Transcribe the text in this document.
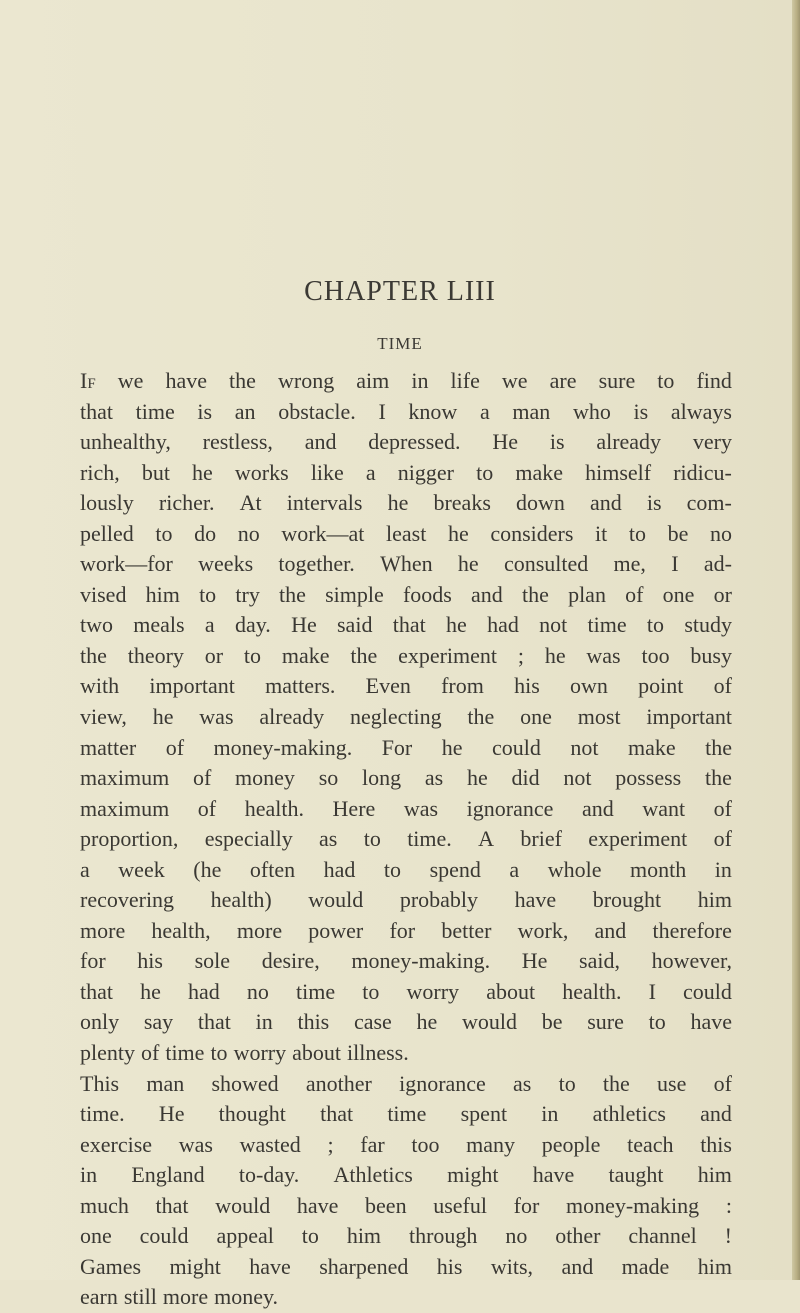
CHAPTER LIII
TIME
If we have the wrong aim in life we are sure to find
that time is an obstacle. I know a man who is always
unhealthy, restless, and depressed. He is already very
rich, but he works like a nigger to make himself ridicu-
lously richer. At intervals he breaks down and is com-
pelled to do no work—at least he considers it to be no
work—for weeks together. When he consulted me, I ad-
vised him to try the simple foods and the plan of one or
two meals a day. He said that he had not time to study
the theory or to make the experiment ; he was too busy
with important matters. Even from his own point of
view, he was already neglecting the one most important
matter of money-making. For he could not make the
maximum of money so long as he did not possess the
maximum of health. Here was ignorance and want of
proportion, especially as to time. A brief experiment of
a week (he often had to spend a whole month in
recovering health) would probably have brought him
more health, more power for better work, and therefore
for his sole desire, money-making. He said, however,
that he had no time to worry about health. I could
only say that in this case he would be sure to have
plenty of time to worry about illness.
This man showed another ignorance as to the use of
time. He thought that time spent in athletics and
exercise was wasted ; far too many people teach this
in England to-day. Athletics might have taught him
much that would have been useful for money-making :
one could appeal to him through no other channel !
Games might have sharpened his wits, and made him
earn still more money.
